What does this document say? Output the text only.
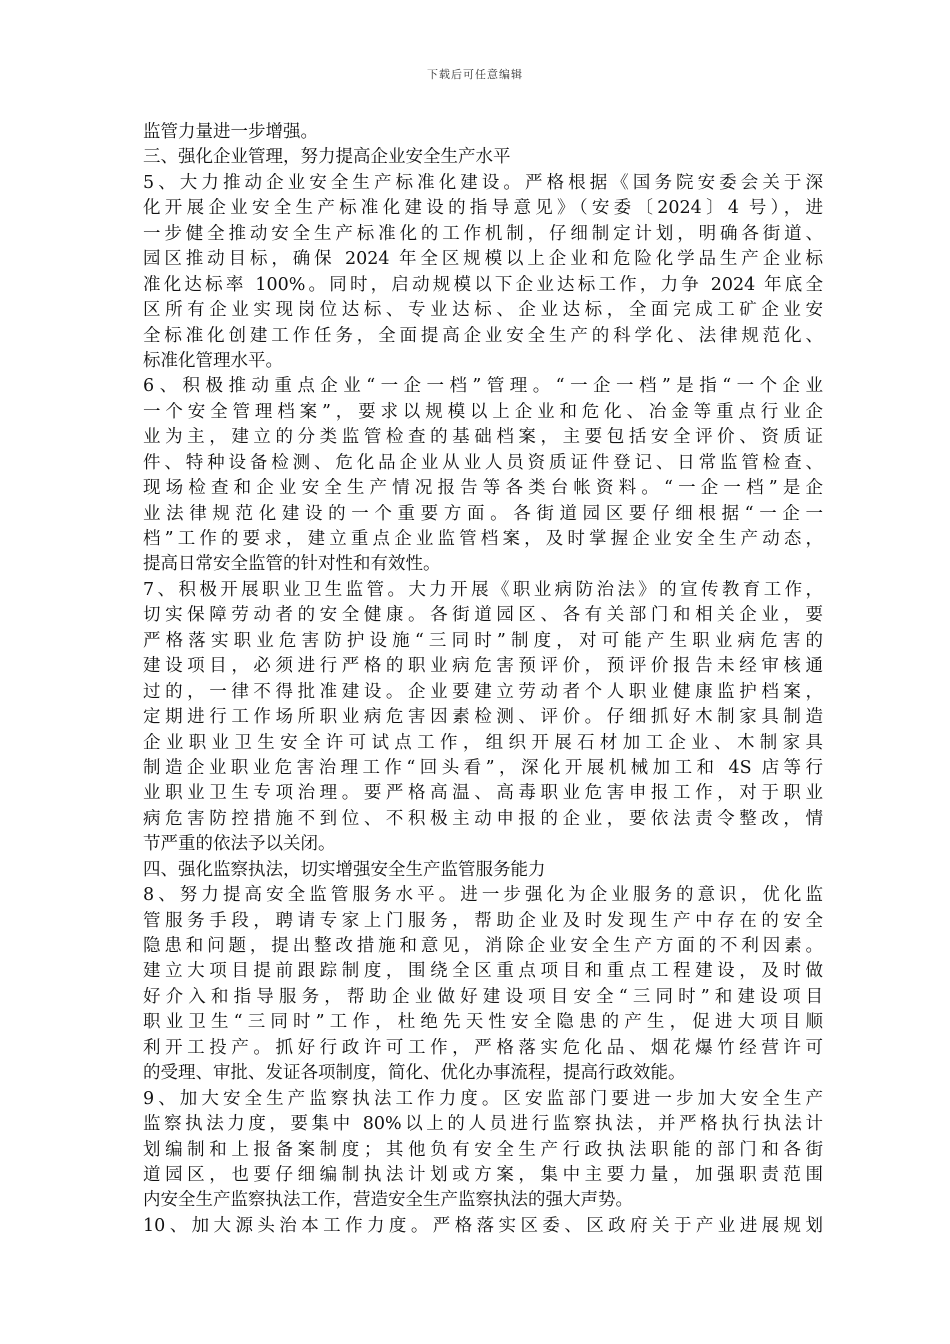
下载后可任意编辑
监管力量进一步增强。
三、强化企业管理，努力提高企业安全生产水平
5、大力推动企业安全生产标准化建设。严格根据《国务院安委会关于深
化开展企业安全生产标准化建设的指导意见》（安委〔2024〕4 号），进
一步健全推动安全生产标准化的工作机制，仔细制定计划，明确各街道、
园区推动目标，确保 2024 年全区规模以上企业和危险化学品生产企业标
准化达标率 100%。同时，启动规模以下企业达标工作，力争 2024 年底全
区所有企业实现岗位达标、专业达标、企业达标，全面完成工矿企业安
全标准化创建工作任务，全面提高企业安全生产的科学化、法律规范化、
标准化管理水平。
6、积极推动重点企业“一企一档”管理。“一企一档”是指“一个企业
一个安全管理档案”，要求以规模以上企业和危化、冶金等重点行业企
业为主，建立的分类监管检查的基础档案，主要包括安全评价、资质证
件、特种设备检测、危化品企业从业人员资质证件登记、日常监管检查、
现场检查和企业安全生产情况报告等各类台帐资料。“一企一档”是企
业法律规范化建设的一个重要方面。各街道园区要仔细根据“一企一
档”工作的要求，建立重点企业监管档案，及时掌握企业安全生产动态，
提高日常安全监管的针对性和有效性。
7、积极开展职业卫生监管。大力开展《职业病防治法》的宣传教育工作，
切实保障劳动者的安全健康。各街道园区、各有关部门和相关企业，要
严格落实职业危害防护设施“三同时”制度，对可能产生职业病危害的
建设项目，必须进行严格的职业病危害预评价，预评价报告未经审核通
过的，一律不得批准建设。企业要建立劳动者个人职业健康监护档案，
定期进行工作场所职业病危害因素检测、评价。仔细抓好木制家具制造
企业职业卫生安全许可试点工作，组织开展石材加工企业、木制家具
制造企业职业危害治理工作“回头看”，深化开展机械加工和 4S 店等行
业职业卫生专项治理。要严格高温、高毒职业危害申报工作，对于职业
病危害防控措施不到位、不积极主动申报的企业，要依法责令整改，情
节严重的依法予以关闭。
四、强化监察执法，切实增强安全生产监管服务能力
8、努力提高安全监管服务水平。进一步强化为企业服务的意识，优化监
管服务手段，聘请专家上门服务，帮助企业及时发现生产中存在的安全
隐患和问题，提出整改措施和意见，消除企业安全生产方面的不利因素。
建立大项目提前跟踪制度，围绕全区重点项目和重点工程建设，及时做
好介入和指导服务，帮助企业做好建设项目安全“三同时”和建设项目
职业卫生“三同时”工作，杜绝先天性安全隐患的产生，促进大项目顺
利开工投产。抓好行政许可工作，严格落实危化品、烟花爆竹经营许可
的受理、审批、发证各项制度，简化、优化办事流程，提高行政效能。
9、加大安全生产监察执法工作力度。区安监部门要进一步加大安全生产
监察执法力度，要集中 80%以上的人员进行监察执法，并严格执行执法计
划编制和上报备案制度；其他负有安全生产行政执法职能的部门和各街
道园区，也要仔细编制执法计划或方案，集中主要力量，加强职责范围
内安全生产监察执法工作，营造安全生产监察执法的强大声势。
10、加大源头治本工作力度。严格落实区委、区政府关于产业进展规划
